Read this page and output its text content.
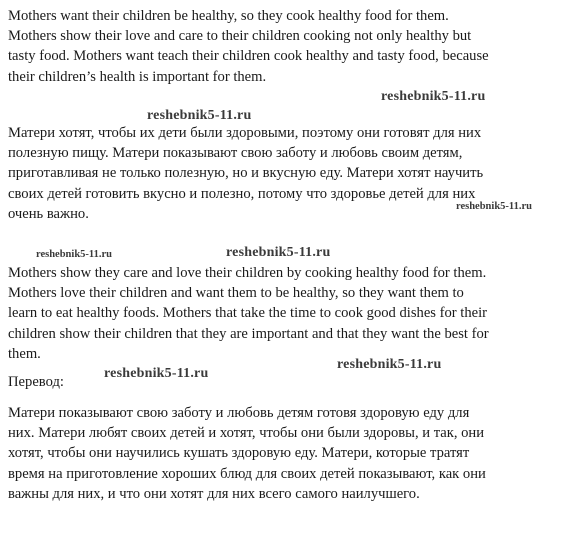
Mothers want their children be healthy, so they cook healthy food for them.
Mothers show their love and care to their children cooking not only healthy but
tasty food. Mothers want teach their children cook healthy and tasty food, because
their children’s health is important for them.
reshebnik5-11.ru
reshebnik5-11.ru
Матери хотят, чтобы их дети были здоровыми, поэтому они готовят для них
полезную пищу. Матери показывают свою заботу и любовь своим детям,
приготавливая не только полезную, но и вкусную еду. Матери хотят научить
своих детей готовить вкусно и полезно, потому что здоровье детей для них
очень важно.	reshebnik5-11.ru
reshebnik5-11.ru	reshebnik5-11.ru
Mothers show they care and love their children by cooking healthy food for them.
Mothers love their children and want them to be healthy, so they want them to
learn to eat healthy foods. Mothers that take the time to cook good dishes for their
children show their children that they are important and that they want the best for
them.
Перевод:
reshebnik5-11.ru
reshebnik5-11.ru
Матери показывают свою заботу и любовь детям готовя здоровую еду для
них. Матери любят своих детей и хотят, чтобы они были здоровы, и так, они
хотят, чтобы они научились кушать здоровую еду. Матери, которые тратят
время на приготовление хороших блюд для своих детей показывают, как они
важны для них, и что они хотят для них всего самого наилучшего.
